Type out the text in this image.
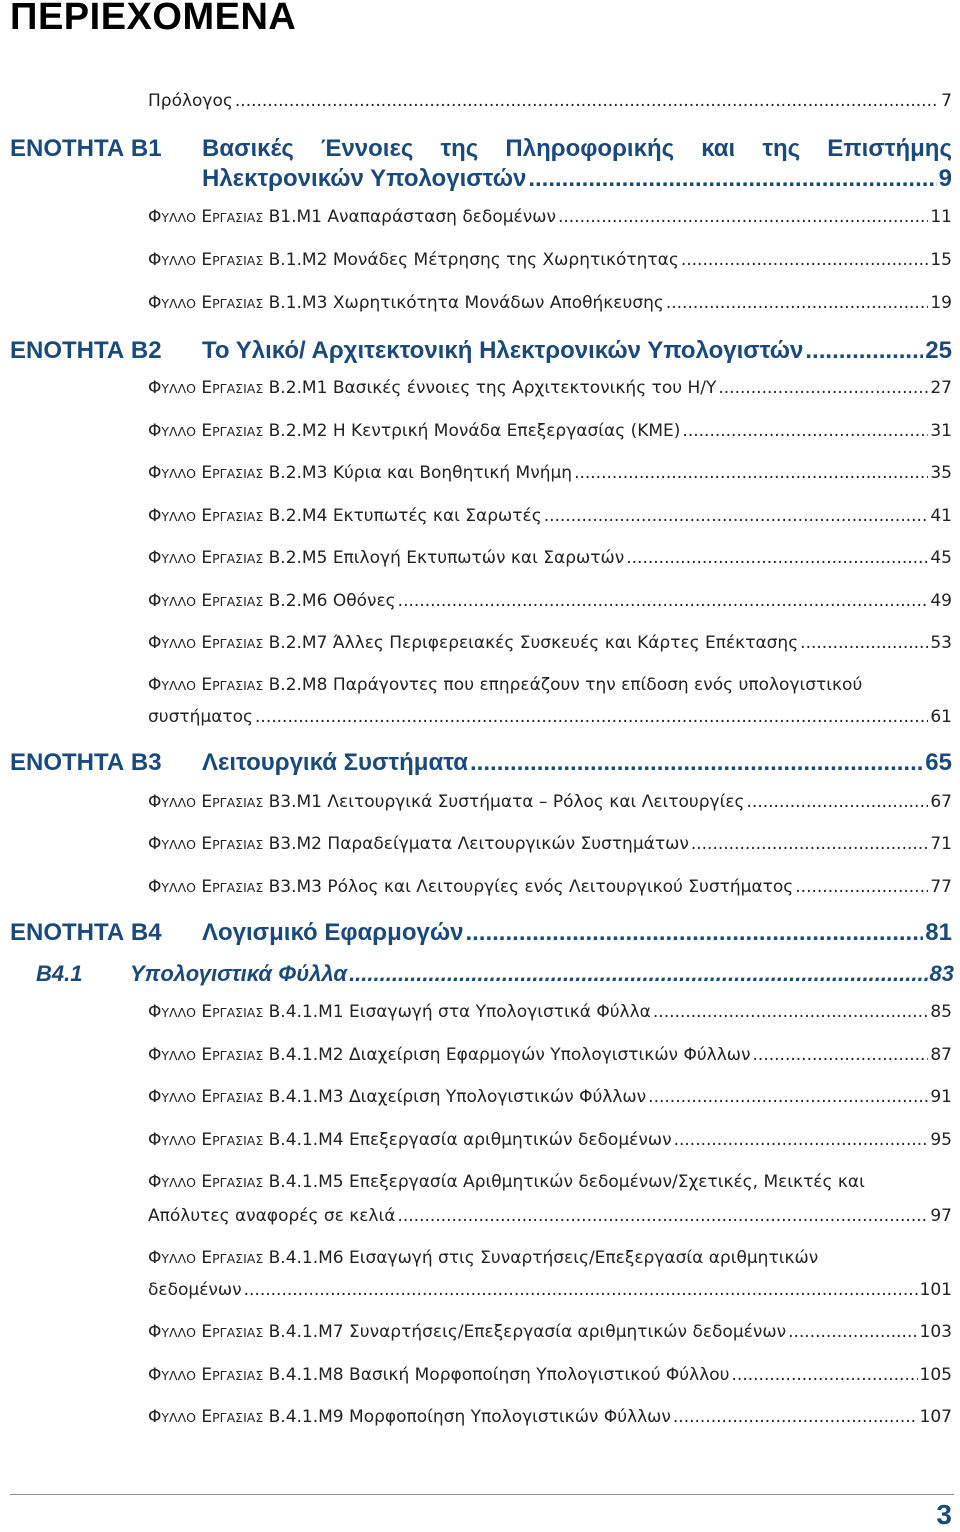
ΠΕΡΙΕΧΟΜΕΝΑ
Πρόλογος .....	7
ΕΝΟΤΗΤΑ Β1 Βασικές Έννοιες της Πληροφορικής και της Επιστήμης
Ηλεκτρονικών Υπολογιστών .....	9
ΦΥΛΛΟ ΕΡΓΑΣΙΑΣ Β1.Μ1 Αναπαράσταση δεδομένων .....	11
ΦΥΛΛΟ ΕΡΓΑΣΙΑΣ Β.1.Μ2 Μονάδες Μέτρησης της Χωρητικότητας .....	15
ΦΥΛΛΟ ΕΡΓΑΣΙΑΣ Β.1.Μ3 Χωρητικότητα Μονάδων Αποθήκευσης .....	19
ΕΝΟΤΗΤΑ Β2 Το Υλικό/ Αρχιτεκτονική Ηλεκτρονικών Υπολογιστών .....	25
ΦΥΛΛΟ ΕΡΓΑΣΙΑΣ Β.2.Μ1 Βασικές έννοιες της Αρχιτεκτονικής του Η/Υ .....	27
ΦΥΛΛΟ ΕΡΓΑΣΙΑΣ Β.2.Μ2 Η Κεντρική Μονάδα Επεξεργασίας (ΚΜΕ) .....	31
ΦΥΛΛΟ ΕΡΓΑΣΙΑΣ Β.2.Μ3 Κύρια και Βοηθητική Μνήμη .....	35
ΦΥΛΛΟ ΕΡΓΑΣΙΑΣ Β.2.Μ4 Εκτυπωτές και Σαρωτές .....	41
ΦΥΛΛΟ ΕΡΓΑΣΙΑΣ Β.2.Μ5 Επιλογή Εκτυπωτών και Σαρωτών .....	45
ΦΥΛΛΟ ΕΡΓΑΣΙΑΣ Β.2.Μ6 Οθόνες .....	49
ΦΥΛΛΟ ΕΡΓΑΣΙΑΣ Β.2.Μ7 Άλλες Περιφερειακές Συσκευές και Κάρτες Επέκτασης .....	53
ΦΥΛΛΟ ΕΡΓΑΣΙΑΣ Β.2.Μ8 Παράγοντες που επηρεάζουν την επίδοση ενός υπολογιστικού
συστήματος .....	61
ΕΝΟΤΗΤΑ Β3 Λειτουργικά Συστήματα .....	65
ΦΥΛΛΟ ΕΡΓΑΣΙΑΣ Β3.Μ1 Λειτουργικά Συστήματα – Ρόλος και Λειτουργίες .....	67
ΦΥΛΛΟ ΕΡΓΑΣΙΑΣ Β3.Μ2 Παραδείγματα Λειτουργικών Συστημάτων .....	71
ΦΥΛΛΟ ΕΡΓΑΣΙΑΣ Β3.Μ3 Ρόλος και Λειτουργίες ενός Λειτουργικού Συστήματος .....	77
ΕΝΟΤΗΤΑ Β4 Λογισμικό Εφαρμογών .....	81
Β4.1 Υπολογιστικά Φύλλα .....	83
ΦΥΛΛΟ ΕΡΓΑΣΙΑΣ Β.4.1.Μ1 Εισαγωγή στα Υπολογιστικά Φύλλα .....	85
ΦΥΛΛΟ ΕΡΓΑΣΙΑΣ Β.4.1.Μ2 Διαχείριση Εφαρμογών Υπολογιστικών Φύλλων .....	87
ΦΥΛΛΟ ΕΡΓΑΣΙΑΣ Β.4.1.Μ3 Διαχείριση Υπολογιστικών Φύλλων .....	91
ΦΥΛΛΟ ΕΡΓΑΣΙΑΣ Β.4.1.Μ4 Επεξεργασία αριθμητικών δεδομένων .....	95
ΦΥΛΛΟ ΕΡΓΑΣΙΑΣ Β.4.1.Μ5 Επεξεργασία Αριθμητικών δεδομένων/Σχετικές, Μεικτές και
Απόλυτες αναφορές σε κελιά .....	97
ΦΥΛΛΟ ΕΡΓΑΣΙΑΣ Β.4.1.Μ6 Εισαγωγή στις Συναρτήσεις/Επεξεργασία αριθμητικών
δεδομένων .....	101
ΦΥΛΛΟ ΕΡΓΑΣΙΑΣ Β.4.1.Μ7 Συναρτήσεις/Επεξεργασία αριθμητικών δεδομένων .....	103
ΦΥΛΛΟ ΕΡΓΑΣΙΑΣ Β.4.1.Μ8 Βασική Μορφοποίηση Υπολογιστικού Φύλλου .....	105
ΦΥΛΛΟ ΕΡΓΑΣΙΑΣ Β.4.1.Μ9 Μορφοποίηση Υπολογιστικών Φύλλων .....	107
3
